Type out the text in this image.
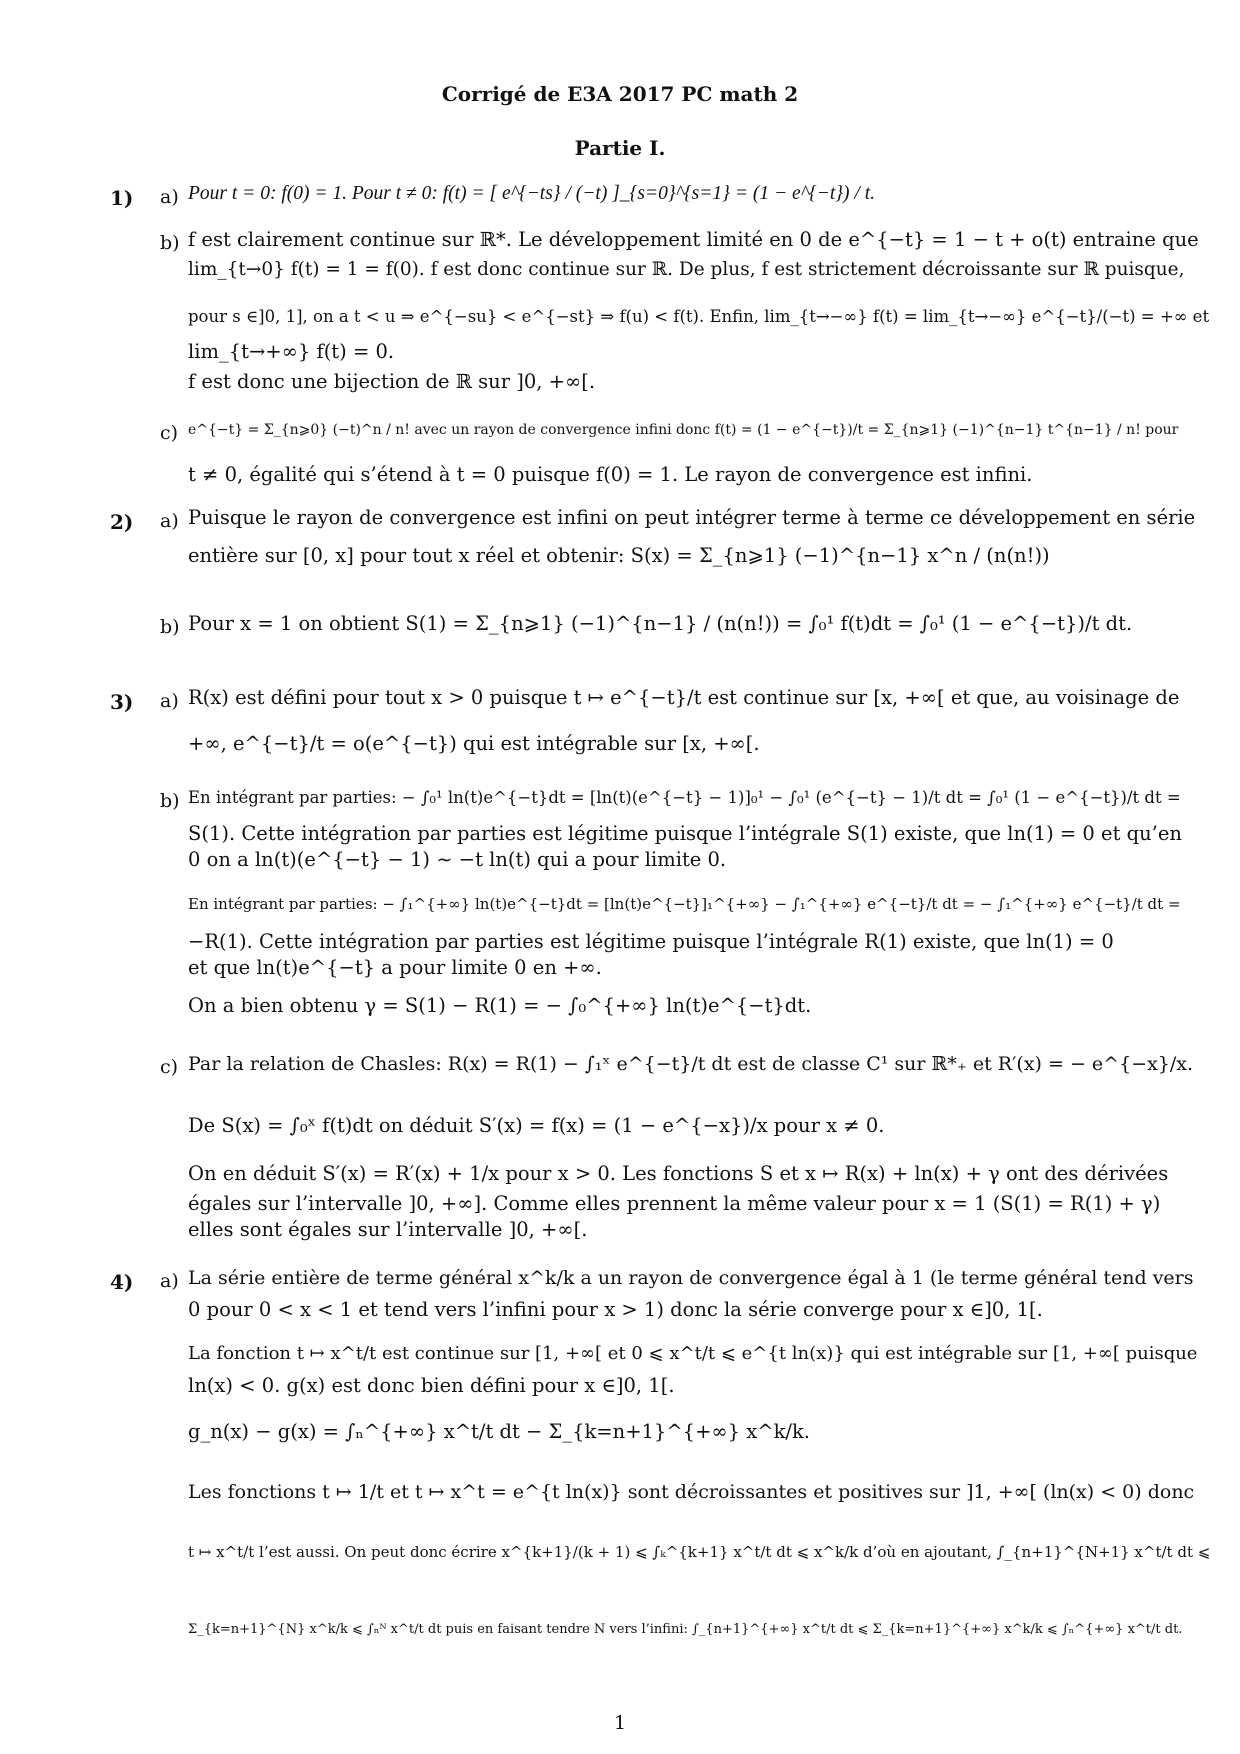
Corrigé de E3A 2017 PC math 2
Partie I.
1) a) Pour t = 0: f(0) = 1. Pour t ≠ 0: f(t) = [ e^{−ts} / (−t) ]_{s=0}^{s=1} = (1 − e^{−t}) / t.
b) f est clairement continue sur ℝ*. Le développement limité en 0 de e^{−t} = 1 − t + o(t) entraine que
lim_{t→0} f(t) = 1 = f(0). f est donc continue sur ℝ. De plus, f est strictement décroissante sur ℝ puisque,
pour s ∈]0, 1], on a t < u ⇒ e^{−su} < e^{−st} ⇒ f(u) < f(t). Enfin, lim_{t→−∞} f(t) = lim_{t→−∞} e^{−t}/(−t) = +∞ et
lim_{t→+∞} f(t) = 0.
f est donc une bijection de ℝ sur ]0, +∞[.
c) e^{−t} = Σ_{n⩾0} (−t)^n / n! avec un rayon de convergence infini donc f(t) = (1 − e^{−t})/t = Σ_{n⩾1} (−1)^{n−1} t^{n−1} / n! pour
t ≠ 0, égalité qui s’étend à t = 0 puisque f(0) = 1. Le rayon de convergence est infini.
2) a) Puisque le rayon de convergence est infini on peut intégrer terme à terme ce développement en série
entière sur [0, x] pour tout x réel et obtenir: S(x) = Σ_{n⩾1} (−1)^{n−1} x^n / (n(n!))
b) Pour x = 1 on obtient S(1) = Σ_{n⩾1} (−1)^{n−1} / (n(n!)) = ∫₀¹ f(t)dt = ∫₀¹ (1 − e^{−t})/t dt.
3) a) R(x) est défini pour tout x > 0 puisque t ↦ e^{−t}/t est continue sur [x, +∞[ et que, au voisinage de
+∞, e^{−t}/t = o(e^{−t}) qui est intégrable sur [x, +∞[.
b) En intégrant par parties: − ∫₀¹ ln(t)e^{−t}dt = [ln(t)(e^{−t} − 1)]₀¹ − ∫₀¹ (e^{−t} − 1)/t dt = ∫₀¹ (1 − e^{−t})/t dt =
S(1). Cette intégration par parties est légitime puisque l’intégrale S(1) existe, que ln(1) = 0 et qu’en
0 on a ln(t)(e^{−t} − 1) ∼ −t ln(t) qui a pour limite 0.
En intégrant par parties: − ∫₁^{+∞} ln(t)e^{−t}dt = [ln(t)e^{−t}]₁^{+∞} − ∫₁^{+∞} e^{−t}/t dt = − ∫₁^{+∞} e^{−t}/t dt =
−R(1). Cette intégration par parties est légitime puisque l’intégrale R(1) existe, que ln(1) = 0
et que ln(t)e^{−t} a pour limite 0 en +∞.
On a bien obtenu γ = S(1) − R(1) = − ∫₀^{+∞} ln(t)e^{−t}dt.
c) Par la relation de Chasles: R(x) = R(1) − ∫₁ˣ e^{−t}/t dt est de classe C¹ sur ℝ*₊ et R′(x) = − e^{−x}/x.
De S(x) = ∫₀ˣ f(t)dt on déduit S′(x) = f(x) = (1 − e^{−x})/x pour x ≠ 0.
On en déduit S′(x) = R′(x) + 1/x pour x > 0. Les fonctions S et x ↦ R(x) + ln(x) + γ ont des dérivées
égales sur l’intervalle ]0, +∞]. Comme elles prennent la même valeur pour x = 1 (S(1) = R(1) + γ)
elles sont égales sur l’intervalle ]0, +∞[.
4) a) La série entière de terme général x^k/k a un rayon de convergence égal à 1 (le terme général tend vers
0 pour 0 < x < 1 et tend vers l’infini pour x > 1) donc la série converge pour x ∈]0, 1[.
La fonction t ↦ x^t/t est continue sur [1, +∞[ et 0 ⩽ x^t/t ⩽ e^{t ln(x)} qui est intégrable sur [1, +∞[ puisque
ln(x) < 0. g(x) est donc bien défini pour x ∈]0, 1[.
g_n(x) − g(x) = ∫ₙ^{+∞} x^t/t dt − Σ_{k=n+1}^{+∞} x^k/k.
Les fonctions t ↦ 1/t et t ↦ x^t = e^{t ln(x)} sont décroissantes et positives sur ]1, +∞[ (ln(x) < 0) donc
t ↦ x^t/t l’est aussi. On peut donc écrire x^{k+1}/(k + 1) ⩽ ∫ₖ^{k+1} x^t/t dt ⩽ x^k/k d’où en ajoutant, ∫_{n+1}^{N+1} x^t/t dt ⩽
Σ_{k=n+1}^{N} x^k/k ⩽ ∫ₙᴺ x^t/t dt puis en faisant tendre N vers l’infini: ∫_{n+1}^{+∞} x^t/t dt ⩽ Σ_{k=n+1}^{+∞} x^k/k ⩽ ∫ₙ^{+∞} x^t/t dt.
1
